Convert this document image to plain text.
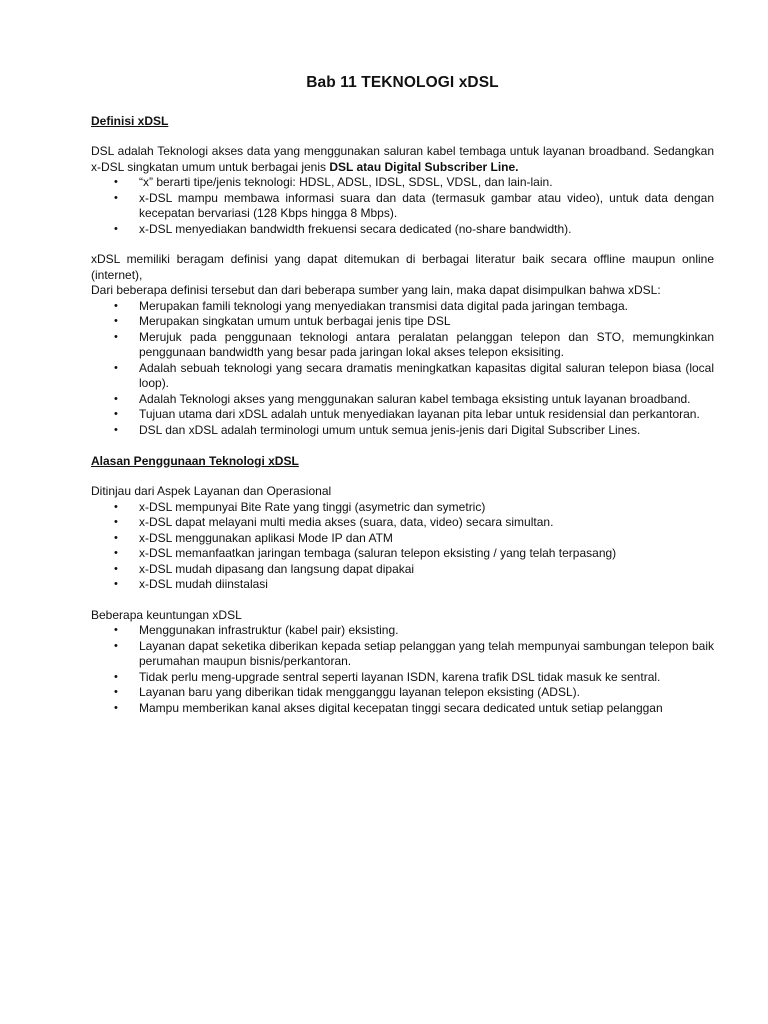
Bab 11 TEKNOLOGI xDSL
Definisi xDSL

DSL adalah Teknologi akses data yang menggunakan saluran kabel tembaga untuk layanan broadband. Sedangkan x-DSL singkatan umum untuk berbagai jenis DSL atau Digital Subscriber Line.

• “x” berarti tipe/jenis teknologi: HDSL, ADSL, IDSL, SDSL, VDSL, dan lain-lain.
• x-DSL mampu membawa informasi suara dan data (termasuk gambar atau video), untuk data dengan kecepatan bervariasi (128 Kbps hingga 8 Mbps).
• x-DSL menyediakan bandwidth frekuensi secara dedicated (no-share bandwidth).

xDSL memiliki beragam definisi yang dapat ditemukan di berbagai literatur baik secara offline maupun online (internet),

Dari beberapa definisi tersebut dan dari beberapa sumber yang lain, maka dapat disimpulkan bahwa xDSL:

• Merupakan famili teknologi yang menyediakan transmisi data digital pada jaringan tembaga.
• Merupakan singkatan umum untuk berbagai jenis tipe DSL
• Merujuk pada penggunaan teknologi antara peralatan pelanggan telepon dan STO, memungkinkan penggunaan bandwidth yang besar pada jaringan lokal akses telepon eksisiting.
• Adalah sebuah teknologi yang secara dramatis meningkatkan kapasitas digital saluran telepon biasa (local loop).
• Adalah Teknologi akses yang menggunakan saluran kabel tembaga eksisting untuk layanan broadband.
• Tujuan utama dari xDSL adalah untuk menyediakan layanan pita lebar untuk residensial dan perkantoran.
• DSL dan xDSL adalah terminologi umum untuk semua jenis-jenis dari Digital Subscriber Lines.
Alasan Penggunaan Teknologi xDSL

Ditinjau dari Aspek Layanan dan Operasional

• x-DSL mempunyai Bite Rate yang tinggi (asymetric dan symetric)
• x-DSL dapat melayani multi media akses (suara, data, video) secara simultan.
• x-DSL menggunakan aplikasi Mode IP dan ATM
• x-DSL memanfaatkan jaringan tembaga (saluran telepon eksisting / yang telah terpasang)
• x-DSL mudah dipasang dan langsung dapat dipakai
• x-DSL mudah diinstalasi

Beberapa keuntungan xDSL

• Menggunakan infrastruktur (kabel pair) eksisting.
• Layanan dapat seketika diberikan kepada setiap pelanggan yang telah mempunyai sambungan telepon baik perumahan maupun bisnis/perkantoran.
• Tidak perlu meng-upgrade sentral seperti layanan ISDN, karena trafik DSL tidak masuk ke sentral.
• Layanan baru yang diberikan tidak mengganggu layanan telepon eksisting (ADSL).
• Mampu memberikan kanal akses digital kecepatan tinggi secara dedicated untuk setiap pelanggan
